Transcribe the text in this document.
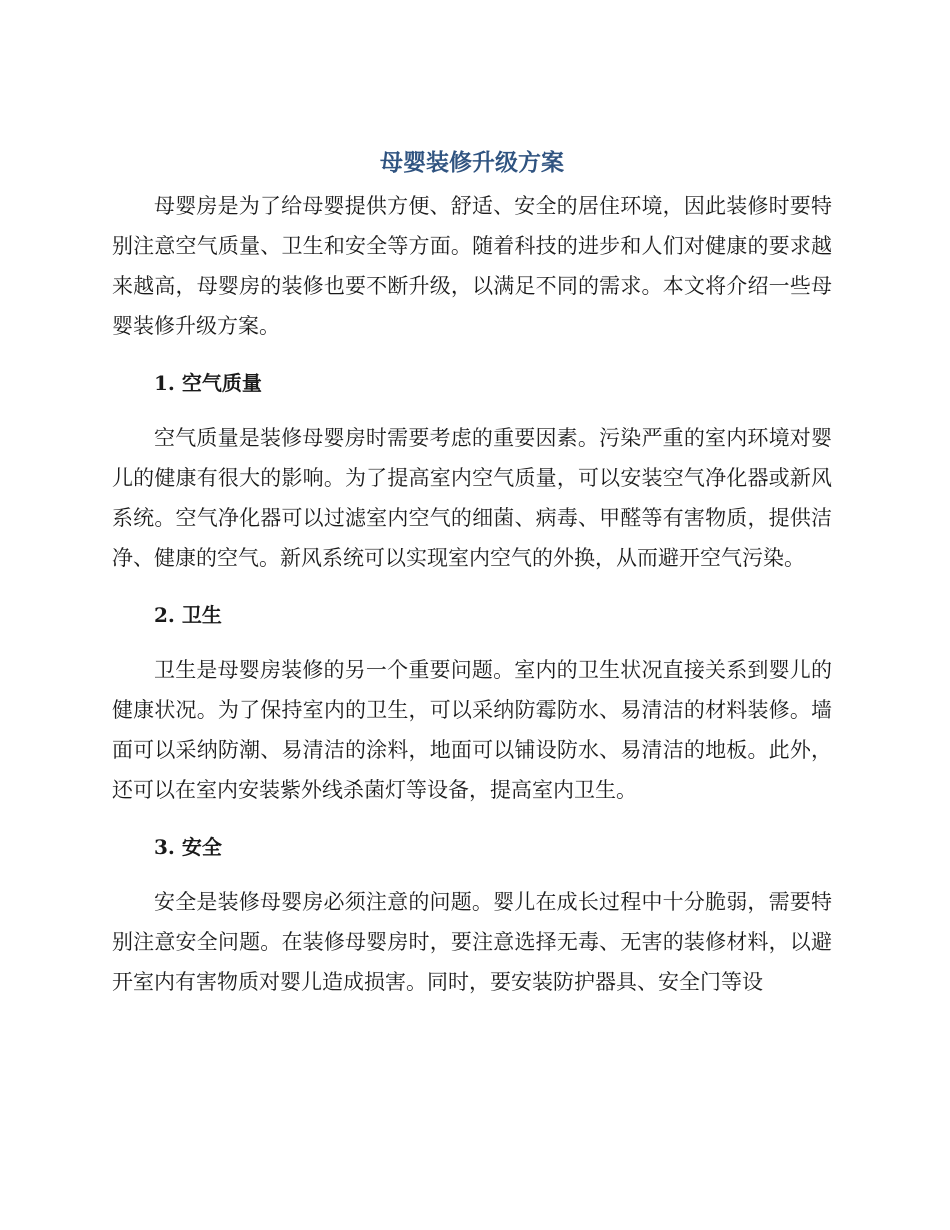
母婴装修升级方案

母婴房是为了给母婴提供方便、舒适、安全的居住环境，因此装修时要特别注意空气质量、卫生和安全等方面。随着科技的进步和人们对健康的要求越来越高，母婴房的装修也要不断升级，以满足不同的需求。本文将介绍一些母婴装修升级方案。

1. 空气质量

空气质量是装修母婴房时需要考虑的重要因素。污染严重的室内环境对婴儿的健康有很大的影响。为了提高室内空气质量，可以安装空气净化器或新风系统。空气净化器可以过滤室内空气的细菌、病毒、甲醛等有害物质，提供洁净、健康的空气。新风系统可以实现室内空气的外换，从而避开空气污染。

2. 卫生

卫生是母婴房装修的另一个重要问题。室内的卫生状况直接关系到婴儿的健康状况。为了保持室内的卫生，可以采纳防霉防水、易清洁的材料装修。墙面可以采纳防潮、易清洁的涂料，地面可以铺设防水、易清洁的地板。此外，还可以在室内安装紫外线杀菌灯等设备，提高室内卫生。

3. 安全

安全是装修母婴房必须注意的问题。婴儿在成长过程中十分脆弱，需要特别注意安全问题。在装修母婴房时，要注意选择无毒、无害的装修材料，以避开室内有害物质对婴儿造成损害。同时，要安装防护器具、安全门等设
